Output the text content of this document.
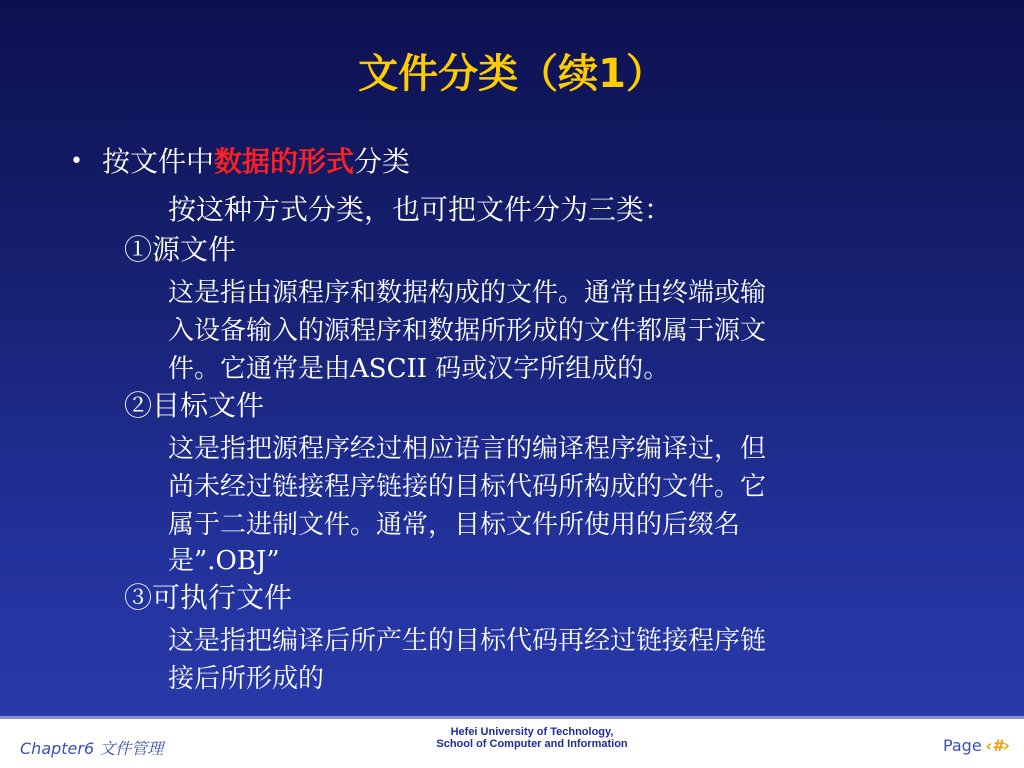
文件分类（续1）
• 按文件中数据的形式分类
按这种方式分类，也可把文件分为三类：
①源文件
这是指由源程序和数据构成的文件。通常由终端或输
入设备输入的源程序和数据所形成的文件都属于源文
件。它通常是由ASCII 码或汉字所组成的。
②目标文件
这是指把源程序经过相应语言的编译程序编译过，但
尚未经过链接程序链接的目标代码所构成的文件。它
属于二进制文件。通常，目标文件所使用的后缀名
是”.OBJ”
③可执行文件
这是指把编译后所产生的目标代码再经过链接程序链
接后所形成的
Chapter6 文件管理
Hefei University of Technology,
School of Computer and Information	Page ‹#›
